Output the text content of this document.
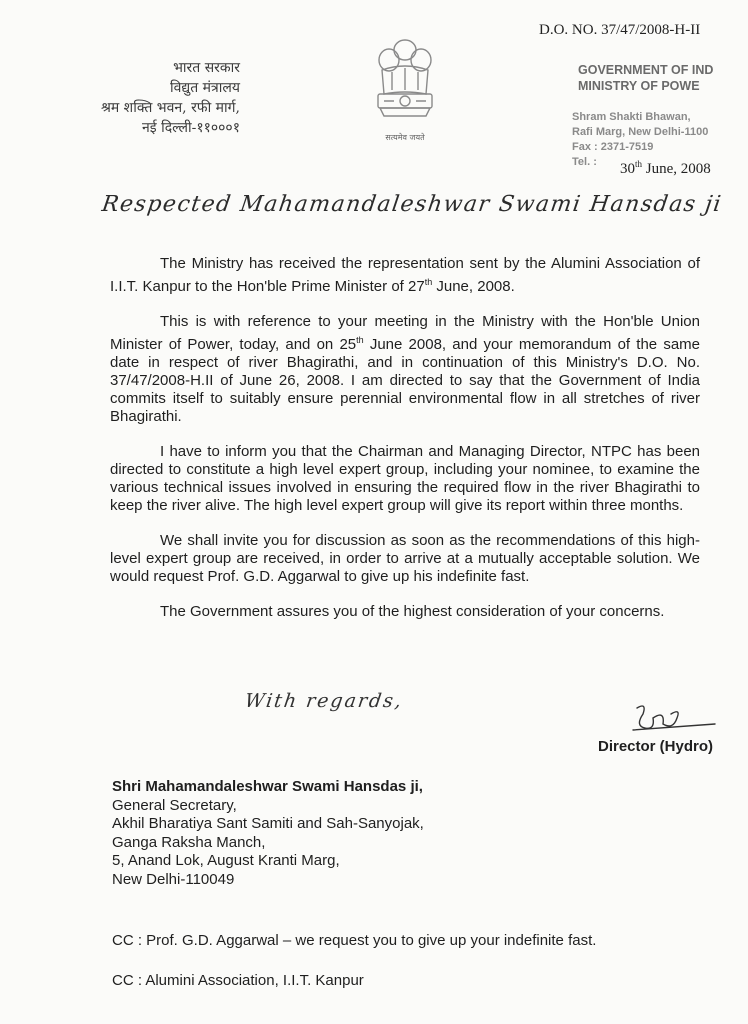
D.O. NO. 37/47/2008-H-II
भारत सरकार
विद्युत मंत्रालय
श्रम शक्ति भवन, रफी मार्ग,
नई दिल्ली-११०००१
सत्यमेव जयते
GOVERNMENT OF IND
MINISTRY OF POWE
Shram Shakti Bhawan,
Rafi Marg, New Delhi-1100
Fax : 2371-7519
Tel. :	30th June, 2008
Respected Mahamandaleshwar Swami Hansdas ji

The Ministry has received the representation sent by the Alumini Association of I.I.T. Kanpur to the Hon'ble Prime Minister of 27th June, 2008.

This is with reference to your meeting in the Ministry with the Hon'ble Union Minister of Power, today, and on 25th June 2008, and your memorandum of the same date in respect of river Bhagirathi, and in continuation of this Ministry's D.O. No. 37/47/2008-H.II of June 26, 2008. I am directed to say that the Government of India commits itself to suitably ensure perennial environmental flow in all stretches of river Bhagirathi.

I have to inform you that the Chairman and Managing Director, NTPC has been directed to constitute a high level expert group, including your nominee, to examine the various technical issues involved in ensuring the required flow in the river Bhagirathi to keep the river alive. The high level expert group will give its report within three months.

We shall invite you for discussion as soon as the recommendations of this high-level expert group are received, in order to arrive at a mutually acceptable solution. We would request Prof. G.D. Aggarwal to give up his indefinite fast.

The Government assures you of the highest consideration of your concerns.

With regards,
Director (Hydro)
Shri Mahamandaleshwar Swami Hansdas ji,
General Secretary,
Akhil Bharatiya Sant Samiti and Sah-Sanyojak,
Ganga Raksha Manch,
5, Anand Lok, August Kranti Marg,
New Delhi-110049
CC : Prof. G.D. Aggarwal – we request you to give up your indefinite fast.
CC : Alumini Association, I.I.T. Kanpur
